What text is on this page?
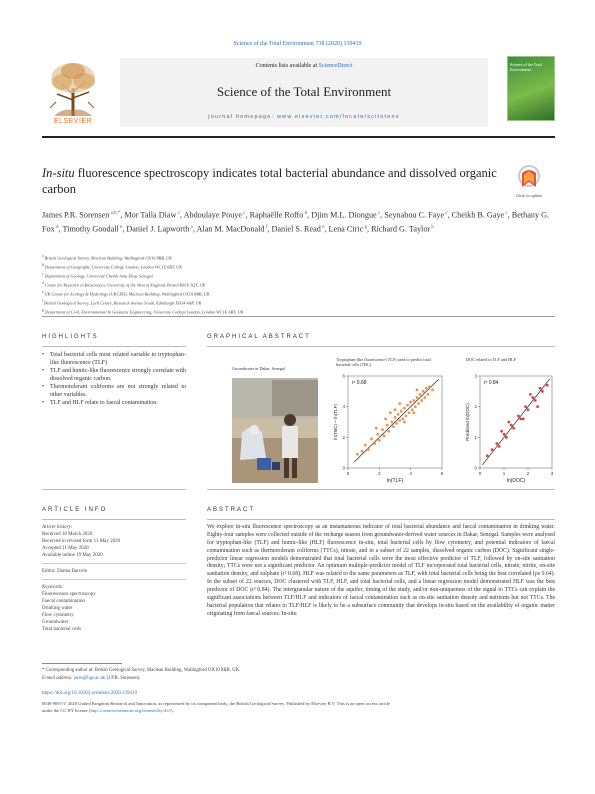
Science of the Total Environment 738 (2020) 139419
ELSEVIER
Contents lists available at ScienceDirect
Science of the Total Environment
journal homepage: www.elsevier.com/locate/scitotenv
Science of the Total Environment
In-situ fluorescence spectroscopy indicates total bacterial abundance and dissolved organic carbon	Check for updates
James P.R. Sorensen $^{a,b,*}$, Mor Talla Diaw $^c$, Abdoulaye Pouye $^c$, Raphaëlle Roffo $^b$, Djim M.L. Diongue $^c$, Seynabou C. Faye $^c$, Cheikh B. Gaye $^c$, Bethany G. Fox $^d$, Timothy Goodall $^e$, Daniel J. Lapworth $^a$, Alan M. MacDonald $^f$, Daniel S. Read $^e$, Lena Ciric $^g$, Richard G. Taylor $^b$
$^a$ British Geological Survey, Maclean Building, Wallingford OX10 8BB, UK
$^b$ Department of Geography, University College London, London WC1E 6BT, UK
$^c$ Department of Geology, Université Cheikh Anta Diop, Senegal
$^d$ Centre for Research in Biosciences, University of the West of England, Bristol BS16 1QY, UK
$^e$ UK Centre for Ecology & Hydrology (UKCEH), Maclean Building, Wallingford OX10 8BB, UK
$^f$ British Geological Survey, Lyell Centre, Research Avenue South, Edinburgh EH14 4AP, UK
$^g$ Department of Civil, Environmental & Geomatic Engineering, University College London, London WC1E 6BT, UK
HIGHLIGHTS
• Total bacterial cells most related variable to tryptophan-like fluorescence (TLF)
• TLF and humic-like fluorescence strongly correlate with dissolved organic carbon.
• Thermotolerant coliforms are not strongly related to other variables.
• TLF and HLF relate to faecal contamination.
GRAPHICAL ABSTRACT
Groundwater in Dakar, Senegal
Tryptophan-like fluorescence (TLF) used to predict total bacterial cells (TBC)
0	2	4	6
0
2
4
6
r² 0.68
ln(TLF)
ln(TBC) ~ ln(TLF)
DOC related to TLF and HLF
0	1	2	3
0
1
2
3
r² 0.84
ln(DOC)
Predicted ln(DOC)
ARTICLE INFO
Article history:
Received 18 March 2020
Received in revised form 11 May 2020
Accepted 11 May 2020
Available online 19 May 2020
Editor: Damia Barcelo
Keywords:
Fluorescence spectroscopy
Faecal contamination
Drinking water
Flow cytometry
Groundwater
Total bacterial cells
ABSTRACT
We explore in-situ fluorescence spectroscopy as an instantaneous indicator of total bacterial abundance and faecal contamination in drinking water. Eighty-four samples were collected outside of the recharge season from groundwater-derived water sources in Dakar, Senegal. Samples were analysed for tryptophan-like (TLF) and humic-like (HLF) fluorescence in-situ, total bacterial cells by flow cytometry, and potential indicators of faecal contamination such as thermotolerant coliforms (TTCs), nitrate, and in a subset of 22 samples, dissolved organic carbon (DOC). Significant single-predictor linear regression models demonstrated that total bacterial cells were the most effective predictor of TLF, followed by on-site sanitation density; TTCs were not a significant predictor. An optimum multiple-predictor model of TLF incorporated total bacterial cells, nitrate, nitrite, on-site sanitation density, and sulphate (r² 0.68). HLF was related to the same parameters as TLF, with total bacterial cells being the best correlated (ρs 0.64). In the subset of 22 sources, DOC clustered with TLF, HLF, and total bacterial cells, and a linear regression model demonstrated HLF was the best predictor of DOC (r² 0.84). The intergranular nature of the aquifer, timing of the study, and/or non-uniqueness of the signal to TTCs can explain the significant associations between TLF/HLF and indicators of faecal contamination such as on-site sanitation density and nutrients but not TTCs. The bacterial population that relates to TLF/HLF is likely to be a subsurface community that develops in-situ based on the availability of organic matter originating from faecal sources. In-situ
* Corresponding author at: British Geological Survey, Maclean Building, Wallingford OX10 8BB, UK.
E-mail address: jares@bgs.ac.uk (J.P.R. Sorensen).
https://doi.org/10.1016/j.scitotenv.2020.139419
0048-9697/© 2020 United Kingdom Research and Innovation, as represented by its component body, the British Geological Survey. Published by Elsevier B.V. This is an open access article
under the CC BY license (http://creativecommons.org/licenses/by/4.0/).
